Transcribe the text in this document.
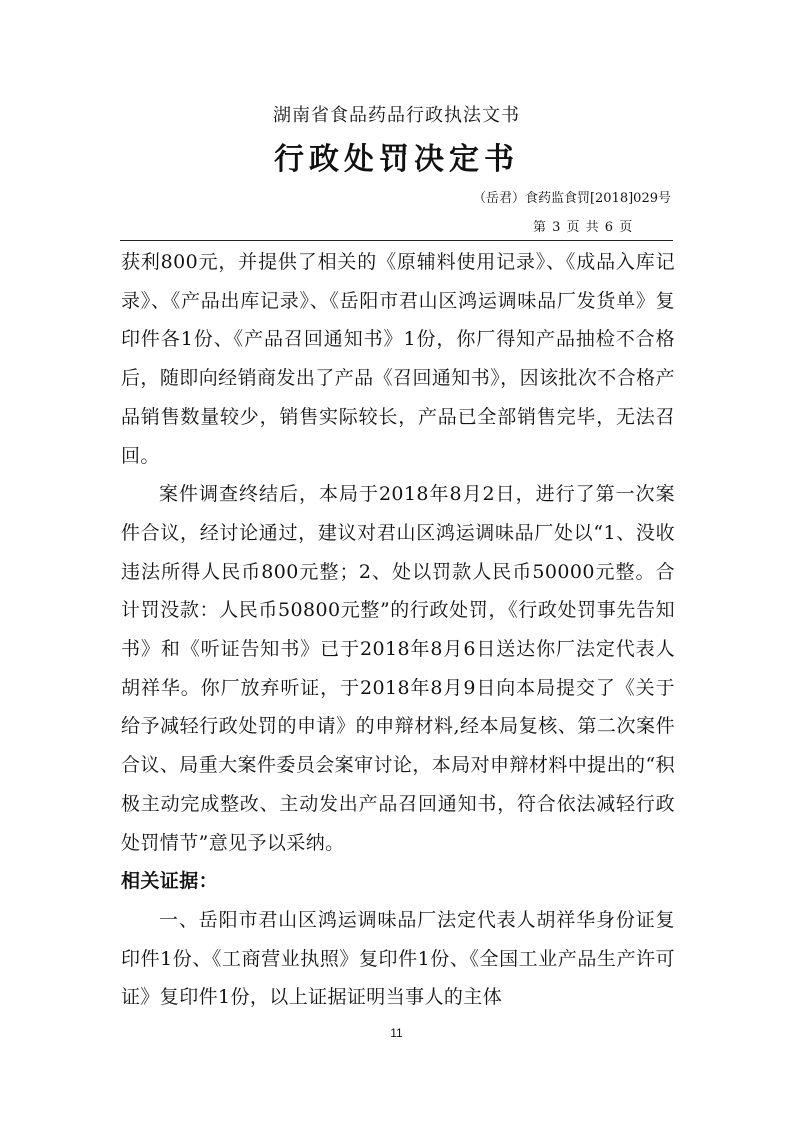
湖南省食品药品行政执法文书
行政处罚决定书
（岳君）食药监食罚[2018]029号
第 3 页 共 6 页

获利800元，并提供了相关的《原辅料使用记录》、《成品入库记录》、《产品出库记录》、《岳阳市君山区鸿运调味品厂发货单》复印件各1份、《产品召回通知书》1份，你厂得知产品抽检不合格后，随即向经销商发出了产品《召回通知书》，因该批次不合格产品销售数量较少，销售实际较长，产品已全部销售完毕，无法召回。

案件调查终结后，本局于2018年8月2日，进行了第一次案件合议，经讨论通过，建议对君山区鸿运调味品厂处以“1、没收违法所得人民币800元整；2、处以罚款人民币50000元整。合计罚没款：人民币50800元整”的行政处罚，《行政处罚事先告知书》和《听证告知书》已于2018年8月6日送达你厂法定代表人胡祥华。你厂放弃听证，于2018年8月9日向本局提交了《关于给予减轻行政处罚的申请》的申辩材料,经本局复核、第二次案件合议、局重大案件委员会案审讨论，本局对申辩材料中提出的“积极主动完成整改、主动发出产品召回通知书，符合依法减轻行政处罚情节”意见予以采纳。

相关证据：

一、岳阳市君山区鸿运调味品厂法定代表人胡祥华身份证复印件1份、《工商营业执照》复印件1份、《全国工业产品生产许可证》复印件1份，以上证据证明当事人的主体

11
